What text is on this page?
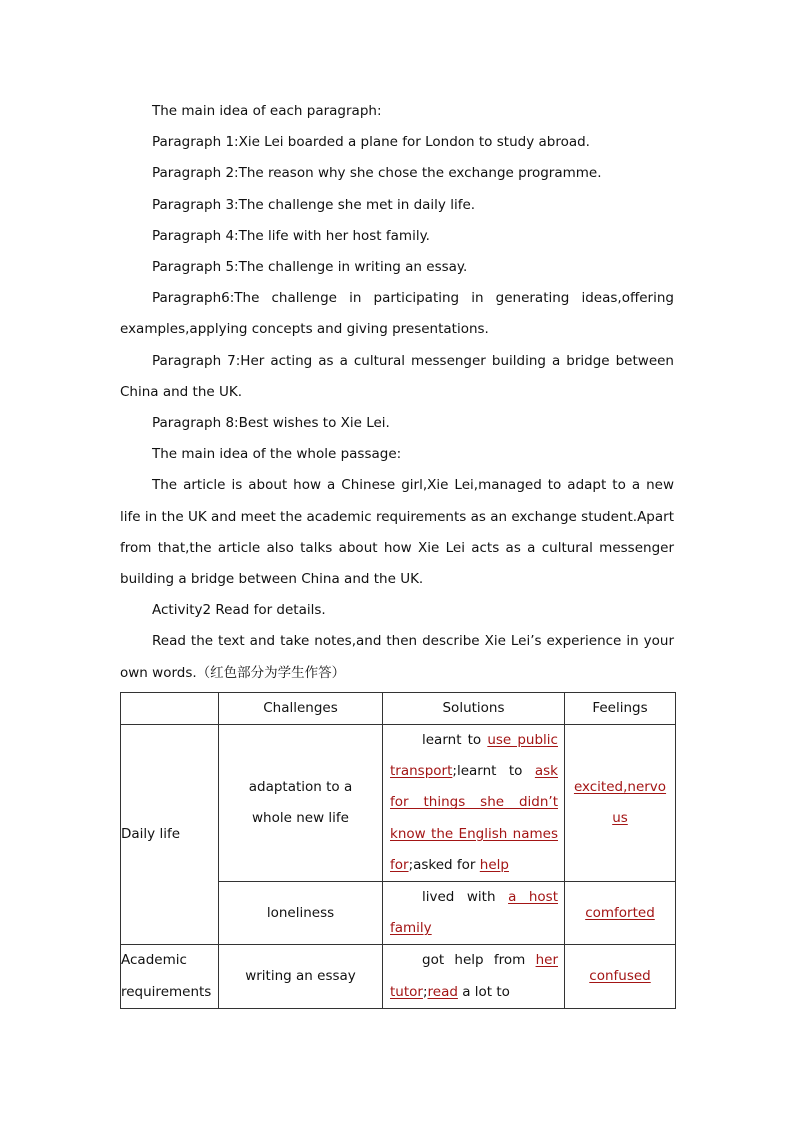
The main idea of each paragraph:

Paragraph 1:Xie Lei boarded a plane for London to study abroad.

Paragraph 2:The reason why she chose the exchange programme.

Paragraph 3:The challenge she met in daily life.

Paragraph 4:The life with her host family.

Paragraph 5:The challenge in writing an essay.

Paragraph6:The challenge in participating in generating ideas,offering examples,applying concepts and giving presentations.

Paragraph 7:Her acting as a cultural messenger building a bridge between China and the UK.

Paragraph 8:Best wishes to Xie Lei.

The main idea of the whole passage:

The article is about how a Chinese girl,Xie Lei,managed to adapt to a new life in the UK and meet the academic requirements as an exchange student.Apart from that,the article also talks about how Xie Lei acts as a cultural messenger building a bridge between China and the UK.

Activity2 Read for details.

Read the text and take notes,and then describe Xie Lei’s experience in your own words.（红色部分为学生作答）

	Challenges	Solutions	Feelings
Daily life	adaptation to a whole new life	learnt to use public transport;learnt to ask for things she didn’t know the English names for;asked for help	excited,nervous
	loneliness	lived with a host family	comforted
Academic requirements	writing an essay	got help from her tutor;read a lot to	confused
